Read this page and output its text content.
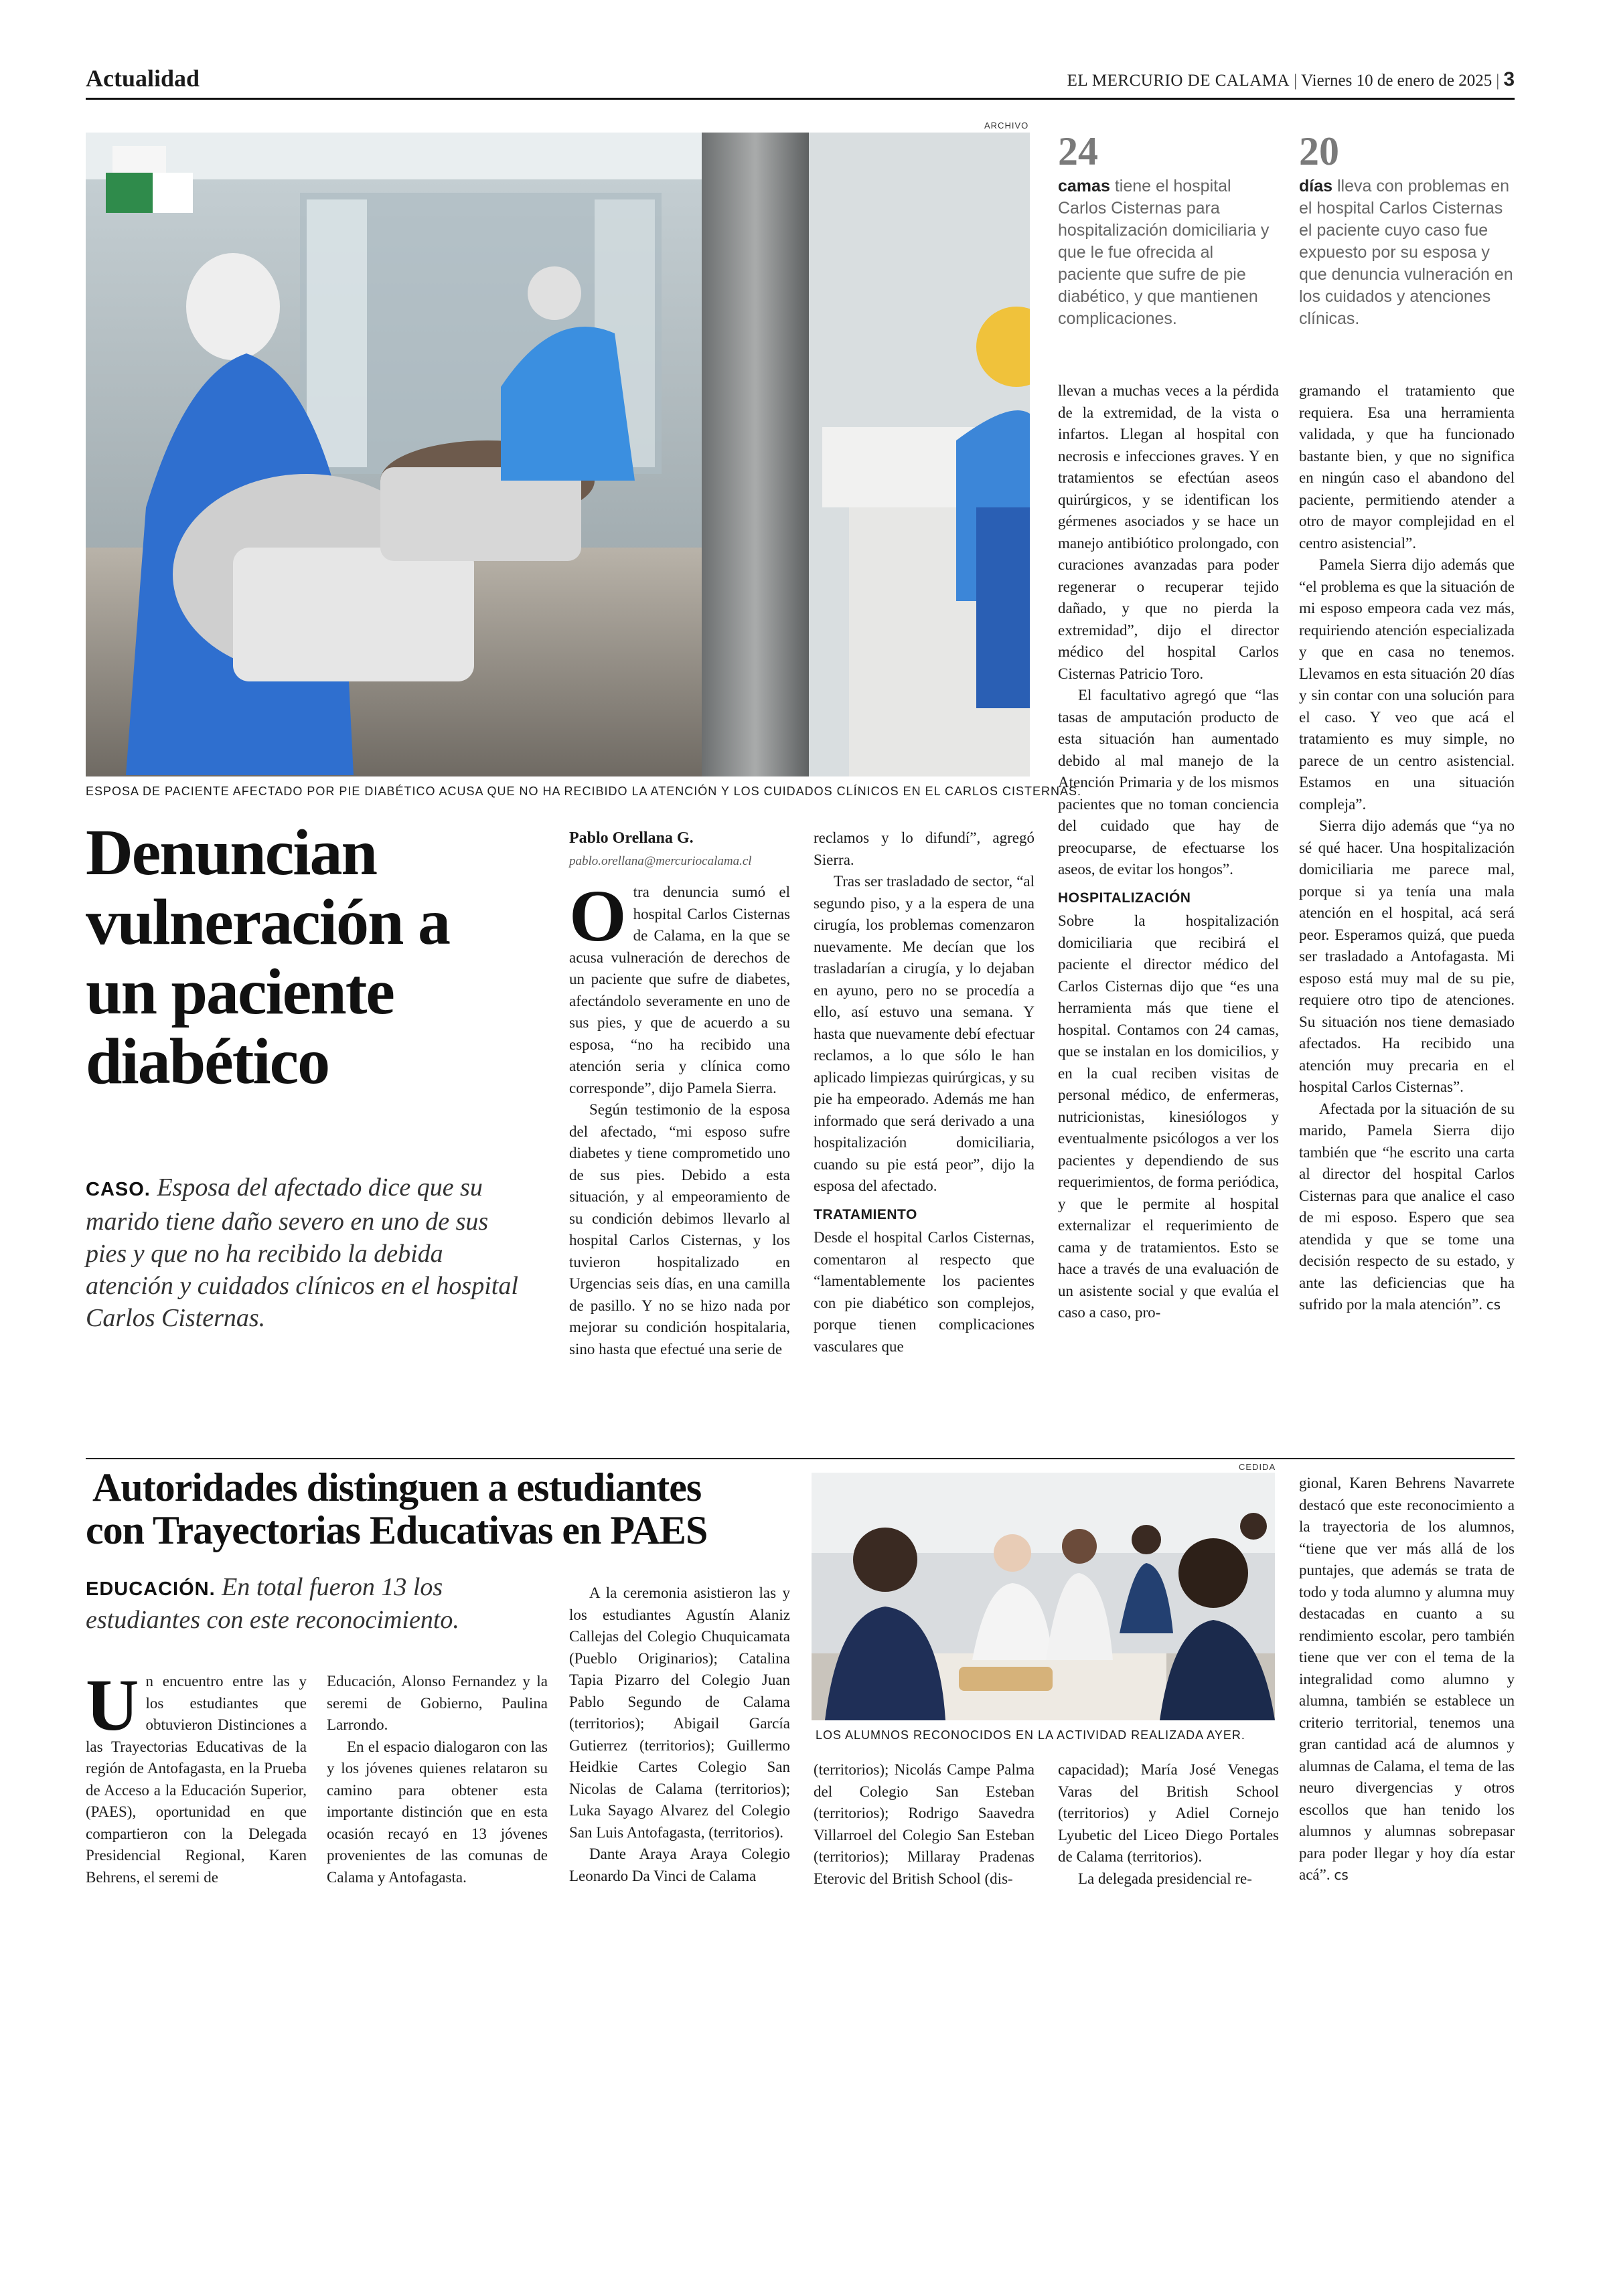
Actualidad	EL MERCURIO DE CALAMA | Viernes 10 de enero de 2025 | 3
ARCHIVO
ESPOSA DE PACIENTE AFECTADO POR PIE DIABÉTICO ACUSA QUE NO HA RECIBIDO LA ATENCIÓN Y LOS CUIDADOS CLÍNICOS EN EL CARLOS CISTERNAS.
24
camas tiene el hospital Carlos Cisternas para hospitalización domiciliaria y que le fue ofrecida al paciente que sufre de pie diabético, y que mantienen complicaciones.
20
días lleva con problemas en el hospital Carlos Cisternas el paciente cuyo caso fue expuesto por su esposa y que denuncia vulneración en los cuidados y atenciones clínicas.
Denuncian
vulneración a
un paciente
diabético
CASO. Esposa del afectado dice que su marido tiene daño severo en uno de sus pies y que no ha recibido la debida atención y cuidados clínicos en el hospital Carlos Cisternas.
Pablo Orellana G.
pablo.orellana@mercuriocalama.cl
O tra denuncia sumó el hospital Carlos Cisternas de Calama, en la que se acusa vulneración de derechos de un paciente que sufre de diabetes, afectándolo severamente en uno de sus pies, y que de acuerdo a su esposa, “no ha recibido una atención seria y clínica como corresponde”, dijo Pamela Sierra.

Según testimonio de la esposa del afectado, “mi esposo sufre diabetes y tiene comprometido uno de sus pies. Debido a esta situación, y al empeoramiento de su condición debimos llevarlo al hospital Carlos Cisternas, y los tuvieron hospitalizado en Urgencias seis días, en una camilla de pasillo. Y no se hizo nada por mejorar su condición hospitalaria, sino hasta que efectué una serie de

reclamos y lo difundí”, agregó Sierra.

Tras ser trasladado de sector, “al segundo piso, y a la espera de una cirugía, los problemas comenzaron nuevamente. Me decían que los trasladarían a cirugía, y lo dejaban en ayuno, pero no se procedía a ello, así estuvo una semana. Y hasta que nuevamente debí efectuar reclamos, a lo que sólo le han aplicado limpiezas quirúrgicas, y su pie ha empeorado. Además me han informado que será derivado a una hospitalización domiciliaria, cuando su pie está peor”, dijo la esposa del afectado.

TRATAMIENTO

Desde el hospital Carlos Cisternas, comentaron al respecto que “lamentablemente los pacientes con pie diabético son complejos, porque tienen complicaciones vasculares que

llevan a muchas veces a la pérdida de la extremidad, de la vista o infartos. Llegan al hospital con necrosis e infecciones graves. Y en tratamientos se efectúan aseos quirúrgicos, y se identifican los gérmenes asociados y se hace un manejo antibiótico prolongado, con curaciones avanzadas para poder regenerar o recuperar tejido dañado, y que no pierda la extremidad”, dijo el director médico del hospital Carlos Cisternas Patricio Toro.

El facultativo agregó que “las tasas de amputación producto de esta situación han aumentado debido al mal manejo de la Atención Primaria y de los mismos pacientes que no toman conciencia del cuidado que hay de preocuparse, de efectuarse los aseos, de evitar los hongos”.

HOSPITALIZACIÓN

Sobre la hospitalización domiciliaria que recibirá el paciente el director médico del Carlos Cisternas dijo que “es una herramienta más que tiene el hospital. Contamos con 24 camas, que se instalan en los domicilios, y en la cual reciben visitas de personal médico, de enfermeras, nutricionistas, kinesiólogos y eventualmente psicólogos a ver los pacientes y dependiendo de sus requerimientos, de forma periódica, y que le permite al hospital externalizar el requerimiento de cama y de tratamientos. Esto se hace a través de una evaluación de un asistente social y que evalúa el caso a caso, pro-

gramando el tratamiento que requiera. Esa una herramienta validada, y que ha funcionado bastante bien, y que no significa en ningún caso el abandono del paciente, permitiendo atender a otro de mayor complejidad en el centro asistencial”.

Pamela Sierra dijo además que “el problema es que la situación de mi esposo empeora cada vez más, requiriendo atención especializada y que en casa no tenemos. Llevamos en esta situación 20 días y sin contar con una solución para el caso. Y veo que acá el tratamiento es muy simple, no parece de un centro asistencial. Estamos en una situación compleja”.

Sierra dijo además que “ya no sé qué hacer. Una hospitalización domiciliaria me parece mal, porque si ya tenía una mala atención en el hospital, acá será peor. Esperamos quizá, que pueda ser trasladado a Antofagasta. Mi esposo está muy mal de su pie, requiere otro tipo de atenciones. Su situación nos tiene demasiado afectados. Ha recibido una atención muy precaria en el hospital Carlos Cisternas”.

Afectada por la situación de su marido, Pamela Sierra dijo también que “he escrito una carta al director del hospital Carlos Cisternas para que analice el caso de mi esposo. Espero que sea atendida y que se tome una decisión respecto de su estado, y ante las deficiencias que ha sufrido por la mala atención”. cs

Autoridades distinguen a estudiantes
con Trayectorias Educativas en PAES
EDUCACIÓN. En total fueron 13 los estudiantes con este reconocimiento.
CEDIDA
LOS ALUMNOS RECONOCIDOS EN LA ACTIVIDAD REALIZADA AYER.
U n encuentro entre las y los estudiantes que obtuvieron Distinciones a las Trayectorias Educativas de la región de Antofagasta, en la Prueba de Acceso a la Educación Superior, (PAES), oportunidad en que compartieron con la Delegada Presidencial Regional, Karen Behrens, el seremi de

Educación, Alonso Fernandez y la seremi de Gobierno, Paulina Larrondo.

En el espacio dialogaron con las y los jóvenes quienes relataron su camino para obtener esta importante distinción que en esta ocasión recayó en 13 jóvenes provenientes de las comunas de Calama y Antofagasta.

A la ceremonia asistieron las y los estudiantes Agustín Alaniz Callejas del Colegio Chuquicamata (Pueblo Originarios); Catalina Tapia Pizarro del Colegio Juan Pablo Segundo de Calama (territorios); Abigail García Gutierrez (territorios); Guillermo Heidkie Cartes Colegio San Nicolas de Calama (territorios); Luka Sayago Alvarez del Colegio San Luis Antofagasta, (territorios).

Dante Araya Araya Colegio Leonardo Da Vinci de Calama

(territorios); Nicolás Campe Palma del Colegio San Esteban (territorios); Rodrigo Saavedra Villarroel del Colegio San Esteban (territorios); Millaray Pradenas Eterovic del British School (dis-

capacidad); María José Venegas Varas del British School (territorios) y Adiel Cornejo Lyubetic del Liceo Diego Portales de Calama (territorios).

La delegada presidencial re-

gional, Karen Behrens Navarrete destacó que este reconocimiento a la trayectoria de los alumnos, “tiene que ver más allá de los puntajes, que además se trata de todo y toda alumno y alumna muy destacadas en cuanto a su rendimiento escolar, pero también tiene que ver con el tema de la integralidad como alumno y alumna, también se establece un criterio territorial, tenemos una gran cantidad acá de alumnos y alumnas de Calama, el tema de las neuro divergencias y otros escollos que han tenido los alumnos y alumnas sobrepasar para poder llegar y hoy día estar acá”. cs
